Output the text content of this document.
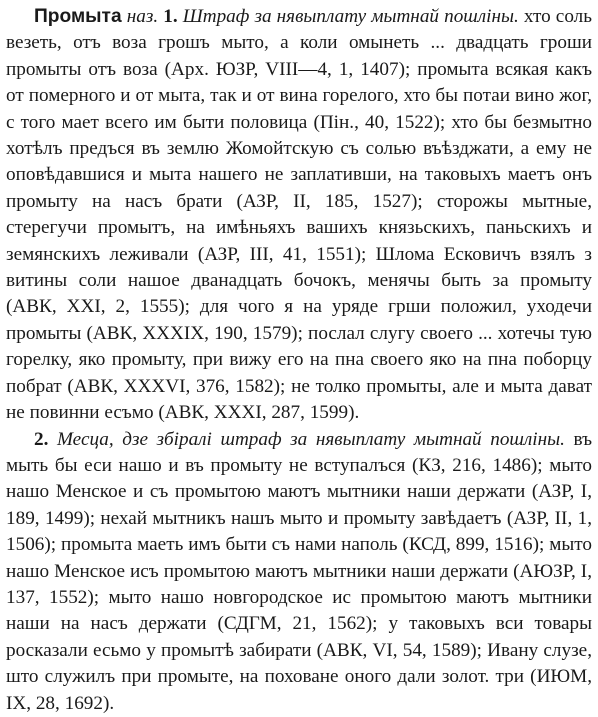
Промыта наз. 1. Штраф за нявыплату мытнай пошліны. хто соль везеть, отъ воза грошъ мыто, а коли омынеть ... двадцать грoши промыты отъ воза (Арх. ЮЗР, VIII—4, 1, 1407); промыта всякая какъ от померного и от мыта, так и от вина горелого, хто бы потаи вино жог, с того мает всего им быти половица (Пін., 40, 1522); хто бы безмытно хотѣлъ предъся въ землю Жомойтскую съ солью въѣзджати, а ему не оповѣдавшися и мыта нашего не заплативши, на таковыхъ маетъ онъ промыту на насъ брати (АЗР, II, 185, 1527); сторожы мытные, стерегучи промытъ, на имѣньяхъ вашихъ князьскихъ, паньскихъ и земянскихъ леживали (АЗР, III, 41, 1551); Шлома Есковичъ взялъ з витины соли нашое дванадцать бочокъ, менячы быть за промыту (АВК, XXI, 2, 1555); для чого я на уряде грши положил, уходечи промыты (АВК, XXXIX, 190, 1579); послал слугу своего ... хотечы тую горелку, яко промыту, при вижу его на пна своего яко на пна поборцу побрат (АВК, XXXVI, 376, 1582); не толко промыты, але и мыта дават не повинни есъмо (АВК, XXXI, 287, 1599).

2. Месца, дзе збіралі штраф за нявыплату мытнай пошліны. въ мыть бы еси нашо и въ промыту не вступалъся (КЗ, 216, 1486); мыто нашо Менское и съ промытою маютъ мытники наши держати (АЗР, I, 189, 1499); нехай мытникъ нашъ мыто и промыту завѣдаетъ (АЗР, II, 1, 1506); промыта маеть имъ быти съ нами наполь (КСД, 899, 1516); мыто нашо Менское исъ промытою маютъ мытники наши держати (АЮЗР, I, 137, 1552); мыто нашо новгородское ис промытою маютъ мытники наши на насъ держати (СДГМ, 21, 1562); у таковыхъ вси товары росказали есьмо у промытѣ забирати (АВК, VI, 54, 1589); Ивану слузе, што служилъ при промыте, на поховане оного дали золот. три (ИЮМ, IX, 28, 1692).
